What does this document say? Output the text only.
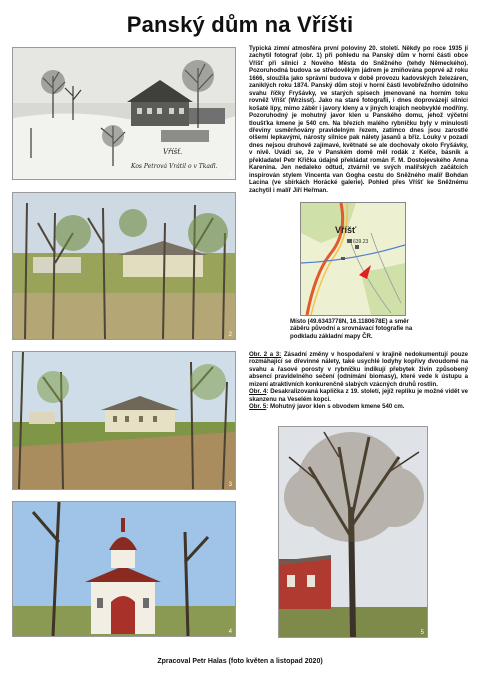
Panský dům na Vříšti
Vříšť.
Kos Petrová Vrátil o v Tkadl.
1

Typická zimní atmosféra první poloviny 20. století. Někdy po roce 1935 jí zachytil fotograf (obr. 1) při pohledu na Panský dům v horní části obce Vříšť při silnici z Nového Města do Sněžného (tehdy Německého). Pozoruhodná budova se středověkým jádrem je zmiňována poprvé až roku 1666, sloužila jako správní budova v době provozu kadovských železáren, zaniklých roku 1874. Panský dům stojí v horní části levobřežního údolního svahu říčky Fryšávky, ve starých spisech jmenované na horním toku rovněž Vříšť (Wrzisst). Jako na staré fotografii, i dnes doprovázejí silnici košaté lípy, mimo záběr i javory kleny a v jiných krajích neobvyklé modříny. Pozoruhodný je mohutný javor klen u Panského domu, jehož výčetní tloušťka kmene je 540 cm. Na březích malého rybníčku byly v minulosti dřeviny usměrňovány pravidelným řezem, zatímco dnes jsou zarostlé olšemi lepkavými, nárosty silnice pak nálety jasanů a bříz. Louky v pozadí dnes nejsou druhově zajímavé, květnaté se ale dochovaly okolo Fryšávky, v nivě. Uvádí se, že v Panském domě měl rodák z Kelče, básník a překladatel Petr Křička údajně překládat román F. M. Dostojevského Anna Karenina. Jen nedaleko odtud, ztvárnil ve svých malířských začátcích inspirován stylem Vincenta van Gogha cestu do Sněžného malíř Bohdan Lacina (ve sbírkách Horácké galerie). Pohled přes Vříšť ke Sněžnému zachytil i malíř Jiří Heřman.

2
Vříšť
639.23
Místo (49.6343778N, 16.1180678E) a směr záběru původní a srovnávací fotografie na podkladu základní mapy ČR.
3

Obr. 2 a 3: Zásadní změny v hospodaření v krajině nedokumentují pouze rozmáhající se dřevinné nálety, také usychlé lodyhy kopřivy dvoudomé na svahu a řasové porosty v rybníčku indikují přebytek živin způsobený absencí pravidelného sečení (odnímání biomasy), které vede k ústupu a mizení atraktivních konkurenčně slabých vzácných druhů rostlin.

Obr. 4: Desakralizovaná kaplička z 19. století, jejíž repliku je možné vidět ve skanzenu na Veselém kopci.

Obr. 5: Mohutný javor klen s obvodem kmene 540 cm.

4	5
Zpracoval Petr Halas (foto květen a listopad 2020)
